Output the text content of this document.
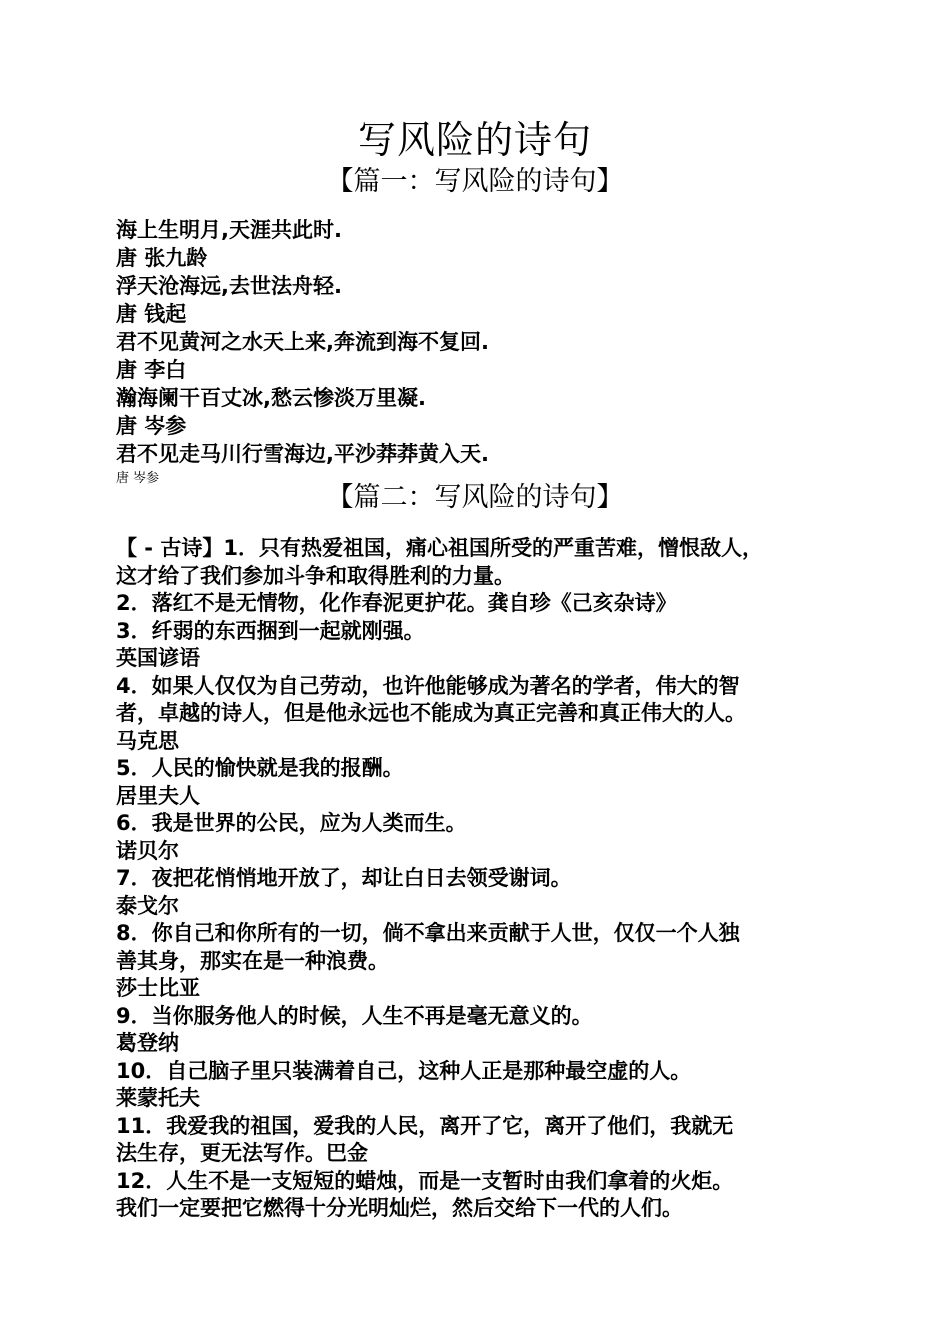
写风险的诗句
【篇一：写风险的诗句】
海上生明月,天涯共此时.
唐 张九龄
浮天沧海远,去世法舟轻.
唐 钱起
君不见黄河之水天上来,奔流到海不复回.
唐 李白
瀚海阑干百丈冰,愁云惨淡万里凝.
唐 岑参
君不见走马川行雪海边,平沙莽莽黄入天.
唐 岑参
【篇二：写风险的诗句】
【 - 古诗】1．只有热爱祖国，痛心祖国所受的严重苦难，憎恨敌人，
这才给了我们参加斗争和取得胜利的力量。
2．落红不是无情物，化作春泥更护花。龚自珍《己亥杂诗》
3．纤弱的东西捆到一起就刚强。
英国谚语
4．如果人仅仅为自己劳动，也许他能够成为著名的学者，伟大的智
者，卓越的诗人，但是他永远也不能成为真正完善和真正伟大的人。
马克思
5．人民的愉快就是我的报酬。
居里夫人
6．我是世界的公民，应为人类而生。
诺贝尔
7．夜把花悄悄地开放了，却让白日去领受谢词。
泰戈尔
8．你自己和你所有的一切，倘不拿出来贡献于人世，仅仅一个人独
善其身，那实在是一种浪费。
莎士比亚
9．当你服务他人的时候，人生不再是毫无意义的。
葛登纳
10．自己脑子里只装满着自己，这种人正是那种最空虚的人。
莱蒙托夫
11．我爱我的祖国，爱我的人民，离开了它，离开了他们，我就无
法生存，更无法写作。巴金
12．人生不是一支短短的蜡烛，而是一支暂时由我们拿着的火炬。
我们一定要把它燃得十分光明灿烂，然后交给下一代的人们。
